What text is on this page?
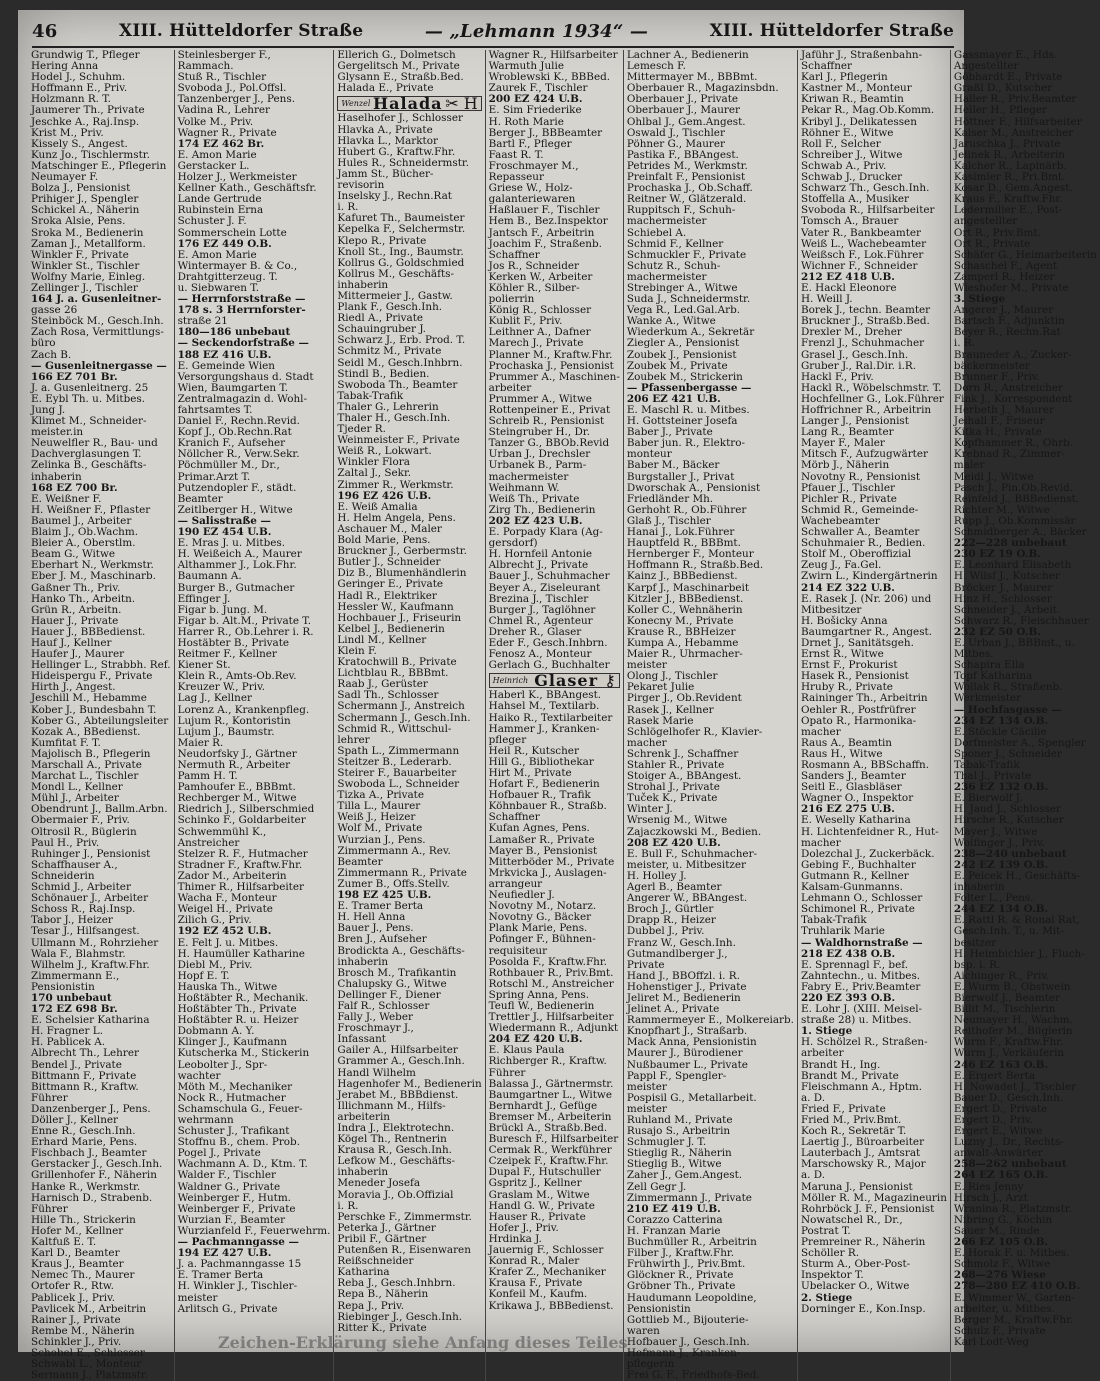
46	XIII. Hütteldorfer Straße	— „Lehmann 1934“ —	XIII. Hütteldorfer Straße
Grundwig T., Pfleger
Hering Anna
Hodel J., Schuhm.
Hoffmann E., Priv.
Holzmann R. T.
Jaumerer Th., Private
Jeschke A., Raj.Insp.
Krist M., Priv.
Kissely S., Angest.
Kunz Jo., Tischlermstr.
Matschinger E., Pflegerin
Neumayer F.
Bolza J., Pensionist
Prihiger J., Spengler
Schickel A., Näherin
Sroka Alsie, Pens.
Sroka M., Bedienerin
Zaman J., Metallform.
Winkler F., Private
Winkler St., Tischler
Wolfny Marie, Einleg.
Zellinger J., Tischler
164 J. a. Gusenleitner-
gasse 26
Steinböck M., Gesch.Inh.
Zach Rosa, Vermittlungs-
büro
Zach B.
— Gusenleitnergasse —
166 EZ 701 Br.
J. a. Gusenleitnerg. 25
E. Eybl Th. u. Mitbes.
Jung J.
Klimet M., Schneider-
meister.in
Neuwelfler R., Bau- und
Dachverglasungen T.
Zelinka B., Geschäfts-
inhaberin
168 EZ 700 Br.
E. Weißner F.
H. Weißner F., Pflaster
Baumel J., Arbeiter
Blaim J., Ob.Wachm.
Bleier A., Oberstlm.
Beam G., Witwe
Eberhart N., Werkmstr.
Eber J. M., Maschinarb.
Gaßner Th., Priv.
Hanko Th., Arbeitn.
Grün R., Arbeitn.
Hauer J., Private
Hauer J., BBBedienst.
Hauf J., Kellner
Haufer J., Maurer
Hellinger L., Strabbh. Ref.
Hideispergu F., Private
Hirth J., Angest.
Jeschill M., Hebamme
Kober J., Bundesbahn T.
Kober G., Abteilungsleiter
Kozak A., BBedienst.
Kumfitat F. T.
Majolisch B., Pflegerin
Marschall A., Private
Marchat L., Tischler
Mondl L., Kellner
Mühl J., Arbeiter
Obendrunt J., Ballm.Arbn.
Obermaier F., Priv.
Oltrosil R., Büglerin
Paul H., Priv.
Ruhinger J., Pensionist
Schaffhauser A.,
Schneiderin
Schmid J., Arbeiter
Schönauer J., Arbeiter
Schoss R., Raj.Insp.
Tabor J., Heizer
Tesar J., Hilfsangest.
Ullmann M., Rohrzieher
Wala F., Blahmstr.
Wilhelm J., Kraftw.Fhr.
Zimmermann E.,
Pensionistin
170 unbebaut
172 EZ 698 Br.
E. Schelsier Katharina
H. Fragner L.
H. Pablicek A.
Albrecht Th., Lehrer
Bendel J., Private
Bittmann F., Private
Bittmann R., Kraftw.
Führer
Danzenberger J., Pens.
Döller J., Kellner
Enne R., Gesch.Inh.
Erhard Marie, Pens.
Fischbach J., Beamter
Gerstacker J., Gesch.Inh.
Grillenhofer F., Näherin
Hanke R., Werkmstr.
Harnisch D., Strabenb.
Führer
Hille Th., Strickerin
Hofer M., Kellner
Kaltfuß E. T.
Karl D., Beamter
Kraus J., Beamter
Nemec Th., Maurer
Ortofer R., Rtw.
Pablicek J., Priv.
Pavlicek M., Arbeitrin
Rainer J., Private
Rembe M., Näherin
Schinkler J., Priv.
Schobel E., Schlosser
Schwabl L., Monteur
Sermann J., Platzmstr.
Steinlesberger F.,
Rammach.
Stuß R., Tischler
Svoboda J., Pol.Offsl.
Tanzenberger J., Pens.
Vadina R., Lehrer
Volke M., Priv.
Wagner R., Private
174 EZ 462 Br.
E. Amon Marie
Gerstacker L.
Holzer J., Werkmeister
Kellner Kath., Geschäftsfr.
Lande Gertrude
Rubinstein Erna
Schuster J. F.
Sommerschein Lotte
176 EZ 449 O.B.
E. Amon Marie
Wintermayer B. & Co.,
Drahtgitterzeug. T.
u. Siebwaren T.
— Herrnforststraße —
178 s. 3 Herrnforster-
straße 21
180—186 unbebaut
— Seckendorfstraße —
188 EZ 416 U.B.
E. Gemeinde Wien
Versorgungshaus d. Stadt
Wien, Baumgarten T.
Zentralmagazin d. Wohl-
fahrtsamtes T.
Daniel F., Rechn.Revid.
Kopf J., Ob.Rechn.Rat
Kranich F., Aufseher
Nöllcher R., Verw.Sekr.
Pöchmüller M., Dr.,
Primar.Arzt T.
Putzendopler F., städt.
Beamter
Zeitlberger H., Witwe
— Salisstraße —
190 EZ 454 U.B.
E. Mras J. u. Mitbes.
H. Weißeich A., Maurer
Althammer J., Lok.Fhr.
Baumann A.
Burger B., Gutmacher
Effinger J.
Figar b. Jung. M.
Figar b. Alt.M., Private T.
Harrer R., Ob.Lehrer i. R.
Hostäbter B., Private
Reitmer F., Kellner
Kiener St.
Klein R., Amts-Ob.Rev.
Kreuzer W., Priv.
Lag J., Kellner
Lorenz A., Krankenpfleg.
Lujum R., Kontoristin
Lujum J., Baumstr.
Maier R.
Neudorfsky J., Gärtner
Nermuth R., Arbeiter
Pamm H. T.
Pamhoufer E., BBBmt.
Rechberger M., Witwe
Riedrich J., Silberschmied
Schinko F., Goldarbeiter
Schwemmühl K.,
Anstreicher
Stelzer R. F., Hutmacher
Stradner F., Kraftw.Fhr.
Zador M., Arbeiterin
Thimer R., Hilfsarbeiter
Wacha F., Monteur
Weigel H., Private
Zilich G., Priv.
192 EZ 452 U.B.
E. Felt J. u. Mitbes.
H. Haumüller Katharine
Diebl M., Priv.
Hopf E. T.
Hauska Th., Witwe
Hoßtäbter R., Mechanik.
Hoßtäbter Th., Private
Hoßtäbter R. u. Heizer
Dobmann A. Y.
Klinger J., Kaufmann
Kutscherka M., Stickerin
Leobolter J., Spr-
wachter
Möth M., Mechaniker
Nock R., Hutmacher
Schamschula G., Feuer-
wehrmann
Schuster J., Trafikant
Stoffnu B., chem. Prob.
Pogel J., Private
Wachmann A. D., Ktm. T.
Walder F., Tischler
Waldner G., Private
Weinberger F., Hutm.
Weinberger F., Private
Wurzian F., Beamter
Wurzianfeld F., Feuerwehrm.
— Pachmanngasse —
194 EZ 427 U.B.
J. a. Pachmanngasse 15
E. Tramer Berta
H. Winkler J., Tischler-
meister
Arlitsch G., Private
Ellerich G., Dolmetsch
Gergelitsch M., Private
Glysann E., Straßb.Bed.
Halada E., Private
Wenzel Halada ✂ H
Haselhofer J., Schlosser
Hlavka A., Private
Hlavka L., Marktor
Hubert G., Kraftw.Fhr.
Hules R., Schneidermstr.
Jamm St., Bücher-
revisorin
Inselsky J., Rechn.Rat
i. R.
Kafuret Th., Baumeister
Kepelka F., Selchermstr.
Klepo R., Private
Knoll St., Ing., Baumstr.
Kollrus G., Goldschmied
Kollrus M., Geschäfts-
inhaberin
Mittermeier J., Gastw.
Plank F., Gesch.Inh.
Riedl A., Private
Schauingruber J.
Schwarz J., Erb. Prod. T.
Schmitz M., Private
Seidl M., Gesch.Inhbrn.
Stindl B., Bedien.
Swoboda Th., Beamter
Tabak-Trafik
Thaler G., Lehrerin
Thaler H., Gesch.Inh.
Tjeder R.
Weinmeister F., Private
Weiß R., Lokwart.
Winkler Flora
Zaltal J., Sekr.
Zimmer R., Werkmstr.
196 EZ 426 U.B.
E. Weiß Amalia
H. Helm Angela, Pens.
Aschauer M., Maler
Bold Marie, Pens.
Bruckner J., Gerbermstr.
Butler J., Schneider
Diz B., Blumenhändlerin
Geringer E., Private
Hadl R., Elektriker
Hessler W., Kaufmann
Hochbauer J., Friseurin
Kelbel J., Bedienerin
Lindl M., Kellner
Klein F.
Kratochwill B., Private
Lichtblau R., BBBmt.
Raab J., Gerüster
Sadl Th., Schlosser
Schermann J., Anstreich
Schermann J., Gesch.Inh.
Schmid R., Wittschul-
lehrer
Spath L., Zimmermann
Steitzer B., Lederarb.
Steirer F., Bauarbeiter
Swoboda L., Schneider
Tizka A., Private
Tilla L., Maurer
Weiß J., Heizer
Wolf M., Private
Wurzian J., Pens.
Zimmermann A., Rev.
Beamter
Zimmermann R., Private
Zumer B., Offs.Stellv.
198 EZ 425 U.B.
E. Tramer Berta
H. Hell Anna
Bauer J., Pens.
Bren J., Aufseher
Brodickta A., Geschäfts-
inhaberin
Brosch M., Trafikantin
Chalupsky G., Witwe
Dellinger F., Diener
Falf R., Schlosser
Fally J., Weber
Froschmayr J.,
Infassant
Gailer A., Hilfsarbeiter
Grammer A., Gesch.Inh.
Handl Wilhelm
Hagenhofer M., Bedienerin
Jerabet M., BBBdienst.
Illichmann M., Hilfs-
arbeiterin
Indra J., Elektrotechn.
Kögel Th., Rentnerin
Krausa R., Gesch.Inh.
Lefkow M., Geschäfts-
inhaberin
Meneder Josefa
Moravia J., Ob.Offizial
i. R.
Perschke F., Zimmermstr.
Peterka J., Gärtner
Pribil F., Gärtner
Putenßen R., Eisenwaren
Reißschneider
Katharina
Reba J., Gesch.Inhbrn.
Repa B., Näherin
Repa J., Priv.
Riebinger J., Gesch.Inh.
Ritter K., Private
Wagner R., Hilfsarbeiter
Warmuth Julie
Wroblewski K., BBBed.
Zaurek F., Tischler
200 EZ 424 U.B.
E. Sim Friederike
H. Roth Marie
Berger J., BBBeamter
Bartl F., Pfleger
Faast R. T.
Froschmayer M.,
Repasseur
Griese W., Holz-
galanteriewaren
Haßlauer F., Tischler
Hem B., Bez.Inspektor
Jantsch F., Arbeitrin
Joachim F., Straßenb.
Schaffner
Jos R., Schneider
Kerken W., Arbeiter
Köhler R., Silber-
polierrin
König R., Schlosser
Kublit F., Priv.
Leithner A., Dafner
Marech J., Private
Planner M., Kraftw.Fhr.
Prochaska J., Pensionist
Prummer A., Maschinen-
arbeiter
Prummer A., Witwe
Rottenpeiner E., Privat
Schreib R., Pensionist
Steingruber H., Dr.
Tanzer G., BBOb.Revid
Urban J., Drechsler
Urbanek B., Parm-
machermeister
Weihmann W.
Weiß Th., Private
Zirg Th., Bedienerin
202 EZ 423 U.B.
E. Porpady Klara (Ag-
gersdorf)
H. Hornfeil Antonie
Albrecht J., Private
Bauer J., Schuhmacher
Beyer A., Ziseleurant
Brezina J., Tischler
Burger J., Taglöhner
Chmel R., Agenteur
Dreher R., Glaser
Eder F., Gesch.Inhbrn.
Fenosz A., Monteur
Gerlach G., Buchhalter
Heinrich Glaser ⚷
Haberl K., BBAngest.
Hahsel M., Textilarb.
Haiko R., Textilarbeiter
Hammer J., Kranken-
pfleger
Heil R., Kutscher
Hill G., Bibliothekar
Hirt M., Private
Hofart F., Bedienerin
Hofbauer R., Trafik
Köhnbauer R., Straßb.
Schaffner
Kufan Agnes, Pens.
Lamaßer R., Private
Mayer B., Pensionist
Mitterböder M., Private
Mrkvicka J., Auslagen-
arrangeur
Neufiedler J.
Novotny M., Notarz.
Novotny G., Bäcker
Plank Marie, Pens.
Pofinger F., Bühnen-
requisiteur
Posolda F., Kraftw.Fhr.
Rothbauer R., Priv.Bmt.
Rotschl M., Anstreicher
Spring Anna, Pens.
Teufl W., Bedienerin
Trettler J., Hilfsarbeiter
Wiedermann R., Adjunkt
204 EZ 420 U.B.
E. Klaus Paula
Richberger R., Kraftw.
Führer
Balassa J., Gärtnermstr.
Baumgartner L., Witwe
Bernhardt J., Gefüge
Bremser M., Arbeiterin
Brückl A., Straßb.Bed.
Buresch F., Hilfsarbeiter
Cermak R., Werkführer
Czeipek F., Kraftw.Fhr.
Dupal F., Hutschuller
Gspritz J., Kellner
Graslam M., Witwe
Handl G. W., Private
Hauser R., Private
Hofer J., Priv.
Hrdinka J.
Jauernig F., Schlosser
Konrad R., Maler
Krafer Z., Mechaniker
Krausa F., Private
Konfeil M., Kaufm.
Krikawa J., BBBedienst.
Lachner A., Bedienerin
Lemesch F.
Mittermayer M., BBBmt.
Oberbauer R., Magazinsbdn.
Oberbauer J., Private
Oberbauer J., Maurer
Ohlbal J., Gem.Angest.
Oswald J., Tischler
Pöhner G., Maurer
Pastika F., BBAngest.
Petrides M., Werkmstr.
Preinfalt F., Pensionist
Prochaska J., Ob.Schaff.
Reitner W., Glätzerald.
Ruppitsch F., Schuh-
machermeister
Schiebel A.
Schmid F., Kellner
Schmuckler F., Private
Schutz R., Schuh-
machermeister
Strebinger A., Witwe
Suda J., Schneidermstr.
Vega R., Led.Gal.Arb.
Wanke A., Witwe
Wiederkum A., Sekretär
Ziegler A., Pensionist
Zoubek J., Pensionist
Zoubek M., Private
Zoubek M., Strickerin
— Pfassenbergasse —
206 EZ 421 U.B.
E. Maschl R. u. Mitbes.
H. Gottsteiner Josefa
Baber J., Private
Baber jun. R., Elektro-
monteur
Baber M., Bäcker
Burgstaller J., Privat
Dworschak A., Pensionist
Friedländer Mh.
Gerhoht R., Ob.Führer
Glaß J., Tischler
Hanai J., Lok.Führer
Hauptfeld R., BBBmt.
Hernberger F., Monteur
Hoffmann R., Straßb.Bed.
Kainz J., BBBedienst.
Karpf J., Maschinarbeit
Kitzler J., BBBedienst.
Koller C., Wehnäherin
Konecny M., Private
Krause R., BBHeizer
Kumpa A., Hebamme
Maier R., Uhrmacher-
meister
Olong J., Tischler
Pekaret Julie
Pirger J., Ob.Revident
Rasek J., Kellner
Rasek Marie
Schlögelhofer R., Klavier-
macher
Schrenk J., Schaffner
Stahler R., Private
Stoiger A., BBAngest.
Strohal J., Private
Tuček K., Private
Winter J.
Wrsenig M., Witwe
Zajaczkowski M., Bedien.
208 EZ 420 U.B.
E. Bull F., Schuhmacher-
meister, u. Mitbesitzer
H. Holley J.
Agerl B., Beamter
Angerer W., BBAngest.
Broch J., Gürtler
Drapp R., Heizer
Dubbel J., Priv.
Franz W., Gesch.Inh.
Gutmandlberger J.,
Private
Hand J., BBOffzl. i. R.
Hohenstiger J., Private
Jeliret M., Bedienerin
Jelinet A., Private
Rammermeyer E., Molkereiarb.
Knopfhart J., Straßarb.
Mack Anna, Pensionistin
Maurer J., Bürodiener
Nußbaumer L., Private
Pappl F., Spengler-
meister
Pospisil G., Metallarbeit.
meister
Ruhland M., Private
Rusajo S., Arbeitrin
Schmugler J. T.
Stieglig R., Näherin
Stieglig B., Witwe
Zaher J., Gem.Angest.
Zell Gegr J.
Zimmermann J., Private
210 EZ 419 U.B.
Corazzo Catterina
H. Franzan Marie
Buchmüller R., Arbeitrin
Filber J., Kraftw.Fhr.
Frühwirth J., Priv.Bmt.
Glöckner R., Private
Gröbner Th., Private
Haudumann Leopoldine,
Pensionistin
Gottlieb M., Bijouterie-
waren
Hofbauer J., Gesch.Inh.
Hofmann J., Kranken-
pflegerin
Frei G. F., Friedhofs-Bed.
Jaführ J., Straßenbahn-
Schaffner
Karl J., Pflegerin
Kastner M., Monteur
Kriwan R., Beamtin
Pekar R., Mag.Ob.Komm.
Kribyl J., Delikatessen
Röhner E., Witwe
Roll F., Selcher
Schreiber J., Witwe
Schwab A., Priv.
Schwab J., Drucker
Schwarz Th., Gesch.Inh.
Stoffella A., Musiker
Svoboda R., Hilfsarbeiter
Tomsch A., Brauer
Vater R., Bankbeamter
Weiß L., Wachebeamter
Weißsch F., Lok.Führer
Wichner F., Schneider
212 EZ 418 U.B.
E. Hackl Eleonore
H. Weill J.
Borek J., techn. Beamter
Bruckner J., Straßb.Bed.
Drexler M., Dreher
Frenzl J., Schuhmacher
Grasel J., Gesch.Inh.
Gruber J., Ral.Dir. i.R.
Hackl F., Priv.
Hackl R., Wöbelschmstr. T.
Hochfellner G., Lok.Führer
Hoffrichner R., Arbeitrin
Langer J., Pensionist
Lang R., Beamter
Mayer F., Maler
Mitsch F., Aufzugwärter
Mörb J., Näherin
Novotny R., Pensionist
Pfauer J., Tischler
Pichler R., Private
Schmid R., Gemeinde-
Wachebeamter
Schwaller A., Beamter
Schuhmaier R., Bedien.
Stolf M., Oberoffizial
Zeug J., Fa.Gel.
Zwirn L., Kindergärtnerin
214 EZ 322 U.B.
E. Rasek J. (Nr. 206) und
Mitbesitzer
H. Bošicky Anna
Baumgartner R., Angest.
Drnet J., Sanitätsgeh.
Ernst R., Witwe
Ernst F., Prokurist
Hasek R., Pensionist
Hruby R., Private
Raininger Th., Arbeitrin
Oehler R., Postfrüfrer
Opato R., Harmonika-
macher
Raus A., Beamtin
Raus H., Witwe
Rosmann A., BBSchaffn.
Sanders J., Beamter
Seitl E., Glasbläser
Wagner O., Inspektor
216 EZ 275 U.B.
E. Weselly Katharina
H. Lichtenfeidner R., Hut-
macher
Dolezchal J., Zuckerbäck.
Gebing F., Buchhalter
Gutmann R., Kellner
Kalsam-Gunmanns.
Lehmann O., Schlosser
Schimonel R., Private
Tabak-Trafik
Truhlarik Marie
— Waldhornstraße —
218 EZ 438 O.B.
E. Sprennagl F., bef.
Zahntechn., u. Mitbes.
Fabry E., Priv.Beamter
220 EZ 393 O.B.
E. Lohr J. (XIII. Meisel-
straße 28) u. Mitbes.
1. Stiege
H. Schölzel R., Straßen-
arbeiter
Brandt H., Ing.
Brandt M., Private
Fleischmann A., Hptm.
a. D.
Fried F., Private
Fried M., Priv.Bmt.
Koch R., Sekretär T.
Laertig J., Büroarbeiter
Lauterbach J., Amtsrat
Marschowsky R., Major
a. D.
Maruna J., Pensionist
Möller R. M., Magazineurin
Rohrböck J. F., Pensionist
Nowatschel R., Dr.,
Postrat T.
Premreiner R., Näherin
Schöller R.
Sturm A., Ober-Post-
Inspektor T.
Ubelacker O., Witwe
2. Stiege
Dorninger E., Kon.Insp.
Gassmayer E., Hds.
Angestellter
Göbhardt E., Private
Graßl D., Kutscher
Haller R., Priv.Beamter
Heller H., Pfleger
Höttner F., Hilfsarbeiter
Kaiser M., Anstreicher
Jaruschka J., Private
Jelinek R., Arbeiterin
Kalcher R., Lapinärb.
Kasimler R., Pri.Bmt.
Kosar D., Gem.Angest.
Kraus F., Kraftw.Fhr.
Ledermiller E., Post-
angestellter
Ort R., Priv.Bmt.
Ort R., Private
Schäfer G., Heimarbeiterin
Schaschel F., Agent
Zamperl R., Heizer
Wieshofer M., Private
3. Stiege
Angerer J., Maurer
Bartsch F., Adjunktin
Beyer R., Rechn.Rat
i. R.
Brauneder A., Zucker-
bäckermeister
Brunner F., Priv.
Dorn R., Anstreicher
Fink J., Korrespondent
Herbeth J., Maurer
Jeihall F., Friseur
Kitka H., Private
Kopfhammer R., Ohrb.
Krebnad R., Zimmer-
maler
Meidl J., Witwe
Pasch J., Pin.Ob.Revid.
Reinfeld J., BBBedienst.
Richter M., Witwe
Rupp J., Ob.Kommissär
Schmidberger A., Bäcker
222—228 unbebaut
230 EZ 19 O.B.
E. Leonhard Elisabeth
H. Wilsf J., Kutscher
Bröcker J., Maurer
Hinz H., Schlosser
Schneider J., Arbeit.
Schwarz R., Fleischhauer
232 EZ 50 O.B.
E. Urban J., BBBmt., u.
Mitbes.
Schapira Ella
Topf Katharina
Wollak R., Straßenb.
Werkmeister
— Hochfasgasse —
234 EZ 134 O.B.
E. Stöckle Cäcilie
Dorfmeister A., Spengler
Sponer J., Schneider
Tabak-Trafik
Thal J., Private
236 EZ 132 O.B.
E. Bierwolf J.
H. Jaud J., Schlosser
Hirsche R., Kutscher
Mayer J., Witwe
Wolfinger J., Priv.
238—240 unbebaut
242 EZ 139 O.B.
E. Pelcek H., Geschäfts-
inhaberin
Folter L., Pens.
244 EZ 134 O.B.
E. Rattl R. & Ronal Rat,
Gesch.Inh. T., u. Mit-
besitzer
H. Heimbichler J., Fluch-
bsp. i. R.
Aichinger R., Priv.
E. Wurm B., Obstwein
Bierwolf J., Beamter
Billit M., Tischlerin
Neumayer H., Wachm.
Reithofer M., Büglerin
Wurm F., Kraftw.Fhr.
Wurm J., Verkäuferin
246 EZ 163 O.B.
E. Ergert Berta
H. Nowadet J., Tischler
Bauer D., Gesch.Inh.
Ergert D., Private
Ergert D., Priv.
Ergert E., Witwe
Luzny J., Dr., Rechts-
anwalt-Anwärter
258—262 unbebaut
264 EZ 165 O.B.
E. Ries Jenny
Hirsch J., Arzt
Wranina R., Platzmstr.
Nibring G., Köchin
Sauer M., Rinde
266 EZ 105 O.B.
E. Horak F. u. Mitbes.
Schmolz F., Witwe
268—276 Wiese
278—280 EZ 410 O.B.
E. Wimmer W., Garten-
arbeiter, u. Mitbes.
Berger M., Kraftw.Fhr.
Schulz F., Private
Karl Lodt-Weg
Zeichen-Erklärung siehe Anfang dieses Teiles
